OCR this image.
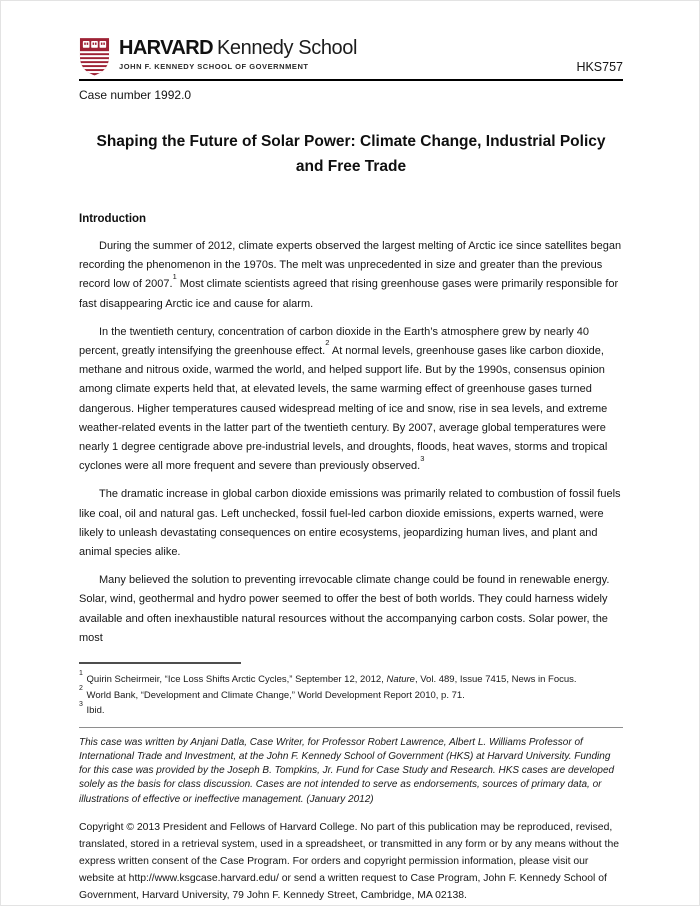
HARVARD Kennedy School
JOHN F. KENNEDY SCHOOL OF GOVERNMENT	HKS757
Case number 1992.0
Shaping the Future of Solar Power: Climate Change, Industrial Policy
and Free Trade
Introduction

During the summer of 2012, climate experts observed the largest melting of Arctic ice since satellites began recording the phenomenon in the 1970s. The melt was unprecedented in size and greater than the previous record low of 2007.$^1$ Most climate scientists agreed that rising greenhouse gases were primarily responsible for fast disappearing Arctic ice and cause for alarm.

In the twentieth century, concentration of carbon dioxide in the Earth’s atmosphere grew by nearly 40 percent, greatly intensifying the greenhouse effect.$^2$ At normal levels, greenhouse gases like carbon dioxide, methane and nitrous oxide, warmed the world, and helped support life. But by the 1990s, consensus opinion among climate experts held that, at elevated levels, the same warming effect of greenhouse gases turned dangerous. Higher temperatures caused widespread melting of ice and snow, rise in sea levels, and extreme weather-related events in the latter part of the twentieth century. By 2007, average global temperatures were nearly 1 degree centigrade above pre-industrial levels, and droughts, floods, heat waves, storms and tropical cyclones were all more frequent and severe than previously observed.$^3$

The dramatic increase in global carbon dioxide emissions was primarily related to combustion of fossil fuels like coal, oil and natural gas. Left unchecked, fossil fuel-led carbon dioxide emissions, experts warned, were likely to unleash devastating consequences on entire ecosystems, jeopardizing human lives, and plant and animal species alike.

Many believed the solution to preventing irrevocable climate change could be found in renewable energy. Solar, wind, geothermal and hydro power seemed to offer the best of both worlds. They could harness widely available and often inexhaustible natural resources without the accompanying carbon costs. Solar power, the most

$^1$ Quirin Scheirmeir, “Ice Loss Shifts Arctic Cycles,” September 12, 2012, Nature, Vol. 489, Issue 7415, News in Focus.
$^2$ World Bank, “Development and Climate Change,” World Development Report 2010, p. 71.
$^3$ Ibid.

This case was written by Anjani Datla, Case Writer, for Professor Robert Lawrence, Albert L. Williams Professor of International Trade and Investment, at the John F. Kennedy School of Government (HKS) at Harvard University. Funding for this case was provided by the Joseph B. Tompkins, Jr. Fund for Case Study and Research. HKS cases are developed solely as the basis for class discussion. Cases are not intended to serve as endorsements, sources of primary data, or illustrations of effective or ineffective management. (January 2012)

Copyright © 2013 President and Fellows of Harvard College. No part of this publication may be reproduced, revised, translated, stored in a retrieval system, used in a spreadsheet, or transmitted in any form or by any means without the express written consent of the Case Program. For orders and copyright permission information, please visit our website at http://www.ksgcase.harvard.edu/ or send a written request to Case Program, John F. Kennedy School of Government, Harvard University, 79 John F. Kennedy Street, Cambridge, MA 02138.
